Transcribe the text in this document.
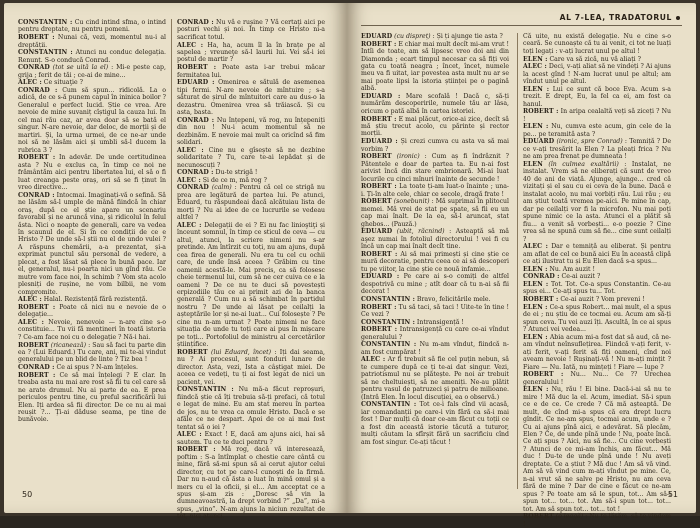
CONSTANTIN : Cu cind intind sfma, o intind pentru dreptate, nu pentru pomeni.

ROBERT : Nunai că, vezi, momentul nu-i al dreptății.

CONSTANTIN : Atunci nu conduc delegația. Renunț. S-o conducă Conrad.

CONRAD (tot se uită la el) : Mi-e peste cap, grija ; ferit de tăi ; ce-ai de mine...

ALEC : Ce situaţie ?

CONRAD : Cum să spun... ridicolă. La o adică, de ce s-ă punem capul în ininica boilor ? Generalul e perfect lucid. Știe ce vrea. Are nevoie de mine suvaniț cîștigul la cauza lui. In cel mai rău caz, ar avea doar să se bată el singur. N-are nevoie, dar deloc, de morții și de martiri. Și, la urma urmei, de ce ne-ar unde noi să ne lăsăm aici și umbli să-l ducem la rubrica 3 ?

ROBERT : In adevăr. De unde certitudinea asta ? Nu e exclus ca, în timp ce noi ne frământăm aici pentru libertatea lui, el să o fi luat creanga peste oraș, ori să se fi ținut în vreo directive...

CONRAD : Intocmai. Imaginați-vă o sefină. Să ne lăsăm să-l umple de mână fiindcă în chiar oraș, după ce el știe apare un scenariu favorabil și ne aruncă vina, și ridicolul în felul ăsta. Nici o noapte de generali, care va vedea în scaunul de el. Și în ce condiții de ce e Hristo ? De unde să-l știi nu el de undo vulei ? A răspuns chemării, a-a prezentat, și-a exprimat punctul său personal de vedere, a plecat, a fost lăsat să plece în bună pace. Iar el, generalul, nu-i poarta nici un gînd rău. Ce mutre vom face noi, în schimb ? Vom sta acolo plesniți de rușine, ne vom bilbii, ne vom compromite.

ALEC : Halal. Rezistență fără rezistență.

ROBERT : Poate că nici nu e nevoie de o delegație...

ALEC : Nevoie, nenevoie — n-are cine s-o constituie... Tu vii fă mentineri în toată istoria ? Ce-am face noi cu o delegație ? Nă-i hai.

ROBERT (ricanează) : Sau să faci tu parte din ea ? (Lui Eduard.) Tu care, ani, mi te-ai vindut generalului pe un blid de linte ? Tiz bea !

CONRAD : Ce ai spus ? N-am înțeles.

ROBERT : Ce să mai înțelegi ? E clar. In treaba asta nu mai are rost să fii tu cel care să ne arate drumul. Nu ai parte de ea. E prea periculos pentru tine, cu preful sacrificării lui Elen. Iți ardea să fii director. De ce nu ai mai reușit ?... Ți-ai dăduse seama, pe tine de bunăvoie.

CONRAD : Nu vă e rușine ? Vă certaţi aici pe posturi vechi și noi. În timp ce Hristo ni-a sacrificat totul.

ALEC : Ha, ha, acum îl la în brațe pe al sapelea ; vreuneţe să-l laurii lui. Vei să-i iei postul de martir ?

ROBERT : Poate asta i-ar trebui măcar fermitatea lui.

EDUARD : Omenirea e sătulă de asemenea tipi fermi. N-are nevoie de mîntuire ; s-a săturat de șirul de mîntuitori care au dus-o la dezastru. Omenirea vrea să trăiască. Și cu asta, basta.

CONRAD : Nu înțepeni, vă rog, nu înțepeniți din nou ! Nu-i acum momentul să ne dezbinăm. E nevoie mai mult ca oricînd să fim solidari.

ALEC : Cine nu e gîsește să ne dezbine solidaritate ? Tu, care te-ai lepădat și de necunoscuți ?

CONRAD : Du-te strigă !

ALEC : Și de ce m, mă rog ?

CONRAD (calm) : Pentru că cel ce strigă nu prea are legătură de partea lui. Pe atunci, Eduard, tu răspundeai dacă alcătuiau lista de morți ? Nu ai idee de ce lucrurile se vedeau altfel ?

ALEC : Delegații de ei ? Ei nu fac linioştiţi și înceunt somnul, în timp ce sticul de ceva — cu altul, atunci, la scriere nimeni nu s-ar pretinde. Am întîrzit cu toți, nu am ajuns, după cea firea de generali. Nu era tu cel cu ochii care, de unde însă aceea ? Grăbim cu tine oamenii acestă-le. Mai precis, ca să folosesc cheie termenul lui, cum să ne cer cuiva ce e la oameni ? De ce nu te duci să povestești erpizodiile tău ce ai primit azi de la banca generală ? Cum nu a să schimbat în partidul nostru ? De unde ai lăsat pe ceilalți la așteptările lor și ne-ai luat... Cui folosește ? Pe cine nu n-am urmat ? Poate nimeni ne face situația de unde tu toți care ai pus în mișcare pe toți... Portofoliul de ministru al cercetărilor științifice.

ROBERT (lui Eduard, încet) : Iți dai seama, nu ? Ai procesul, sunt fonduri lunare de director. Asta, vezi, Ista a câștigat miei. De aceea ce vedeți, tu ți ai fost legat de nici un pacient, vei.

CONSTANTIN : Nu mă-a făcut reproșuri, fiindcă știe că îți trebuia să-ți prefaci, că totul e legat de mine. Eu am stat mereu în partea de jos, nu te vrea ca omule Hristo. Dacă e se afăle ce ne despart. Apoi de ce ai mai fost tentat să o iei ?

ALEC : Exact ! E, dacă am ajuns aici, hai să sautem. Tu ce te duci pentru ?

ROBERT : Mă rog, dacă vă interesează, poftim : S-a întîmplat o chestie care cântă cu mine, fără să-mi spun să ai cerut ajutor celui director, cu tot pe care-l cunoști de la firmă. Dar nu n-aud că ăsta a luat în mină omul și a mers cu el la oficii, și el... Am acceptat ce a spus și-am zis : „Doresc să vin la dumneavoastră, la drept vorbind ?” „Da”, mi-a spus, „vino”. N-am ajuns la niciun rezultat de tot, nici atunci.

50
AL 7-LEA, TRADATORUL

EDUARD (cu dispreț) : Și ți ajunge tie asta ?

ROBERT : E chiar mai mult decît mi-am vrut ! Intîi de toate, am să lipsesc vreo doi ani din Diamonda ; ecart timpul necesar ca să fiți voi gata cu toată neagra ; încet, încet, numele meu va fi uitat, iar povestea asta mult nu ar se mai poate lipsi la istoria științei pe o pagină albă.

EDUARD : Mare scofală ! Dacă c, să-ți numărăm descoperirile, numele tău ar lâsa, oricum o pată albă în cartea istoriei.

ROBERT : E mai plăcut, orice-ai zice, decît să mă știu trecut acolo, cu părinte și rector morții.

EDUARD : Și crezi cumva cu asta va să mai vorbim ?

ROBERT (ironic) : Cum aș fi îndrăznit ? Pătentele e doar de partea ta. Eu n-ai fost arivist încă din stare embrionară. Mi-ai luat locurile cu cinci mînuri înainte de secunde !

ROBERT : La toate ți-am luat-o înainte ; una-i. Ți-în alte cele, chiar ce secole, dragă frate !

ROBERT (sonebunit) : Mă suprimai în plitocul memei. Mă vrei de stat pe spate, să fii eu un cap mai înalt. De la ea, să-l aruncat, stat ghebos... (Pauză.)

EDUARD (ubit, răcnind) : Asteaptă să mă aşez numai în fotoliul directorului ! vei fi cu încă un cap mai înalt decît tine.

ROBERT : Ai să mai primești și cine știe ce mură decoratie, pentru ceea ce ai să descoperi tu pe viitor, la cine știe ce nouă infamie...

EDUARD : Pe care ai s-o comiți de altfel despotrivă cu mine ; atît doar că tu n-ai să fii decorat !

CONSTANTIN : Bravo, felicitările mele.

ROBERT : Tu să taci, să taci ! Uite-te în tine ! Ce vezi ?

CONSTANTIN : Intransigență !

ROBERT : Intransigență cu care ce-ai vîndut generalului ?

CONSTANTIN : Nu m-am vîndut, fiindcă n-am fost cumpărat !

ALEC : Ar fi trebuit să fie cel puțin nebun, să te cumpere după ce ți te-ai dat singur. Vezi, patriotismul nu se plătește. Pe noi ar trebuit să ne cheltuiești, să ne ameniți. Ne-au plătit pentru vasul de patruzeci și patru de milioane. (Intră Elen. În locul discuției, ea o observă.)

CONSTANTIN : Tot ce-i fals cînd vii acasă, iar comandanții pe care-i vin fără ca să-i mai fost ! Dar mulți că doar ce-am făcut cu toții ce a fost din această istorie tăcută a tuturor, mulți căutam la sfîrșit fără un sacrificiu cînd am fost singur. Ce-ați tăcut !

Că uite, nu există delegație. Nu e cine s-o ceară. Se cunoaște că tu ai venit, ci tot ne luați toți legați : v-ați lucrat unul pe altul !

ELEN : Care va să zică, nu vă aliați ?

ALEC : Deci, v-ați aliat să ne vindeți ? Ai ajuns la acest gînd ! N-am lucrat unul pe altul; am vîndut unul pe altul.

ELEN : Lui ce sunt că boce Eva. Acum s-a trezit. E drept, Eu, la fel ca ei, am fost ca hanul.

ROBERT : In aripa cealaltă veți să ziceți ? Nu !

ELEN : Nu, cumva este acum, gin cele de la pe... pe teramită asta ?

EDUARD (ironic, spre Conrad) : Temniță ? De ce v-ați tresărit la Elen ? La pleați frica ? Nu ne am prea frenat pe dumneata !

ELEN (în culmea exaltării) : Instalat, ne instalat. Vrem să ne eliberați că sunt de vreo 40 de ani de viață. Ajunge, ajunge... cred că vizitați și el sau cu ei ceva de la bune. Dacă e instalat acolo, nu mai vorbiți rău. Lui rău ; eu am știut toată vremea pe-aici. Pe mine în cap, dar pe ceilalți vor fi la microfon. Nu mai poți spune nimic ce la asta. Atunci el a plătit să fiu... a venit să vorbești... e-o poezie ? Cine vrea să ne spună cum să fie... cine sunt ceilalți ?

ALEC : Dar e temniță au eliberat. Și pentru am aflat de cel ce bună aici Eu în această clipă ce ați ilustrat tu și Eu Elen dacă s-a spus...

ELEN : Nu. Am auzit !

CONRAD : Ce-ai auzit ?

ELEN : Tot. Tot. Ce-a spus Constantin. Ce-au spus ei... Ce-ați spus tu... Tot.

ROBERT : Ce-ai auzit ? Vom preveni !

ELEN : Ce-a spus Robert... mai mult, el a spus de ei ; nu știu de ce tocmai eu. Acum am să-ți spun ceva. Tu vei auzi îți. Ascultă, în ce ai spus ? Atunci vei vedea...

ELEN : Abia acum mi-a fost dat să aud, că ne-am vîndut neînsuflețirea. Fiindcă v-ați ferit, v-ați ferit, v-ați ferit să fiți oameni, cînd noi aveam nevoie ! Rușinați-vă ! Nu m-ați mințit ? Fiare — Nu. Iată, nu mințeți ! Fiare — lupe ?

ROBERT : Nu... Nu... Ce ?? Urechea generalului !

ELEN : Nu, rău ! Ei bine. Dacă-i-ai să nu te mire ! Mă duc la el. Acum, imediat. Să-i spun ce e de ce. Ce crede ? Că mă așteaptă. De mult, de cînd mi-a spus că era drept lucru gîndit. Ce ne-am spus, tocmai acum, unde e ? Cu ai ajuns pînă aici, e adevărat. Să plecăm, Elen ? Ce, de unde pînă unde ! Nu, poate încă. Ce ați spus ? Aici, nu să fie... Cu cine vorbești ? Atunci de ce mi-am închis, am făcut... Mă duc ! Du-te de unde pînă unde ! Nu aveți dreptate. Ce a știut ? Mă duc ! Am să vă vind. Am să vă vind cum m-ați vîndut pe mine. Ce, n-ai vrut să ne salve pe Hristo, nu am ceva fără de mine ? Dar de cine e făcut ce ne-am spus ? Pe toate am să le spun, tot... Am să-i spun tot... tot... tot. Am să-i spun tot... tot... tot. Am să spun tot... tot... tot !

ROBERT (o leagă) : Nu te lăsăm, să te vindem !

51
